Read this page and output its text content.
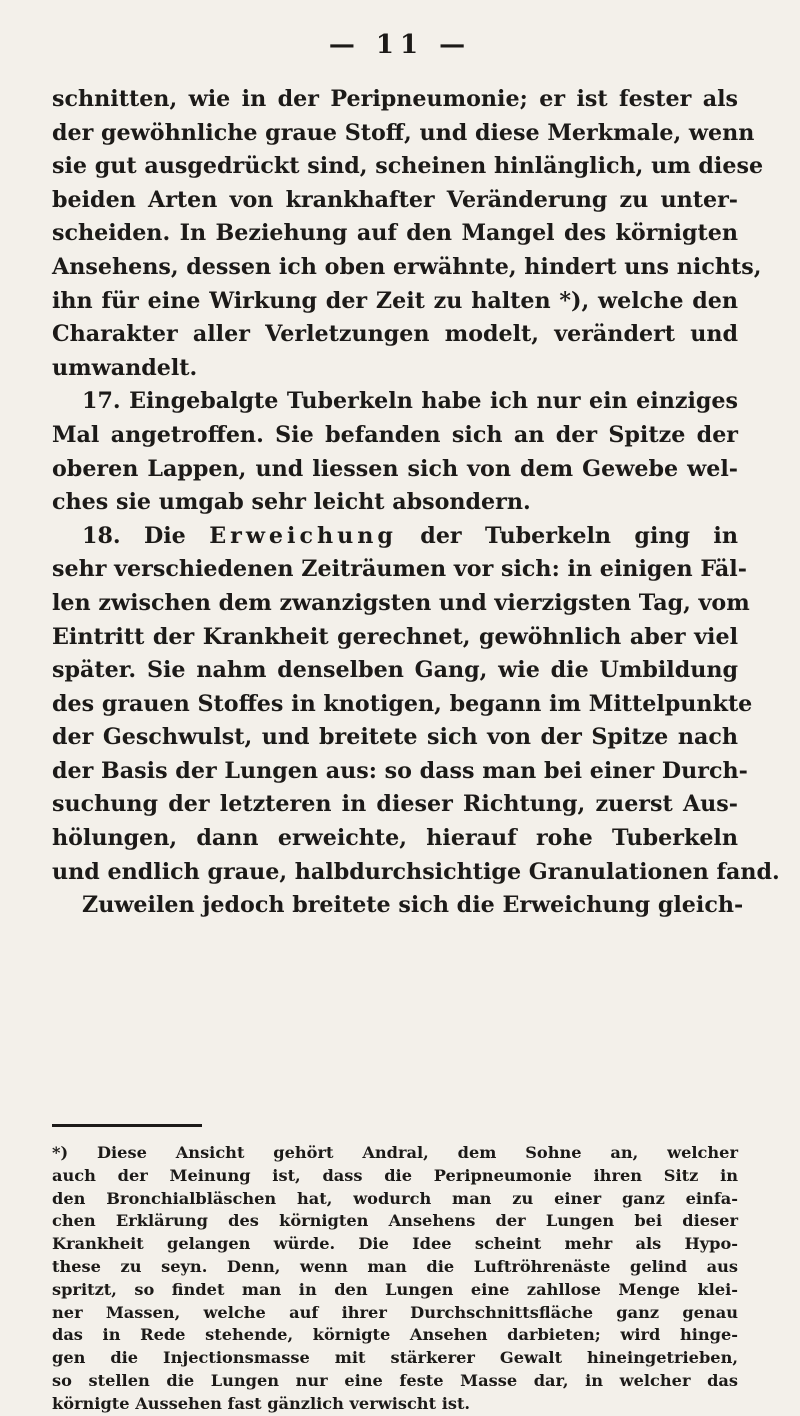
— 11 —
schnitten, wie in der Peripneumonie; er ist fester als
der gewöhnliche graue Stoff, und diese Merkmale, wenn
sie gut ausgedrückt sind, scheinen hinlänglich, um diese
beiden Arten von krankhafter Veränderung zu unter-
scheiden. In Beziehung auf den Mangel des körnigten
Ansehens, dessen ich oben erwähnte, hindert uns nichts,
ihn für eine Wirkung der Zeit zu halten *), welche den
Charakter aller Verletzungen modelt, verändert und
umwandelt.
17. Eingebalgte Tuberkeln habe ich nur ein einziges
Mal angetroffen. Sie befanden sich an der Spitze der
oberen Lappen, und liessen sich von dem Gewebe wel-
ches sie umgab sehr leicht absondern.
18. Die Erweichung der Tuberkeln ging in
sehr verschiedenen Zeiträumen vor sich: in einigen Fäl-
len zwischen dem zwanzigsten und vierzigsten Tag, vom
Eintritt der Krankheit gerechnet, gewöhnlich aber viel
später. Sie nahm denselben Gang, wie die Umbildung
des grauen Stoffes in knotigen, begann im Mittelpunkte
der Geschwulst, und breitete sich von der Spitze nach
der Basis der Lungen aus: so dass man bei einer Durch-
suchung der letzteren in dieser Richtung, zuerst Aus-
hölungen, dann erweichte, hierauf rohe Tuberkeln
und endlich graue, halbdurchsichtige Granulationen fand.
Zuweilen jedoch breitete sich die Erweichung gleich-
*) Diese Ansicht gehört Andral, dem Sohne an, welcher
auch der Meinung ist, dass die Peripneumonie ihren Sitz in
den Bronchialbläschen hat, wodurch man zu einer ganz einfa-
chen Erklärung des körnigten Ansehens der Lungen bei dieser
Krankheit gelangen würde. Die Idee scheint mehr als Hypo-
these zu seyn. Denn, wenn man die Luftröhrenäste gelind aus
spritzt, so findet man in den Lungen eine zahllose Menge klei-
ner Massen, welche auf ihrer Durchschnittsfläche ganz genau
das in Rede stehende, körnigte Ansehen darbieten; wird hinge-
gen die Injectionsmasse mit stärkerer Gewalt hineingetrieben,
so stellen die Lungen nur eine feste Masse dar, in welcher das
körnigte Aussehen fast gänzlich verwischt ist.
